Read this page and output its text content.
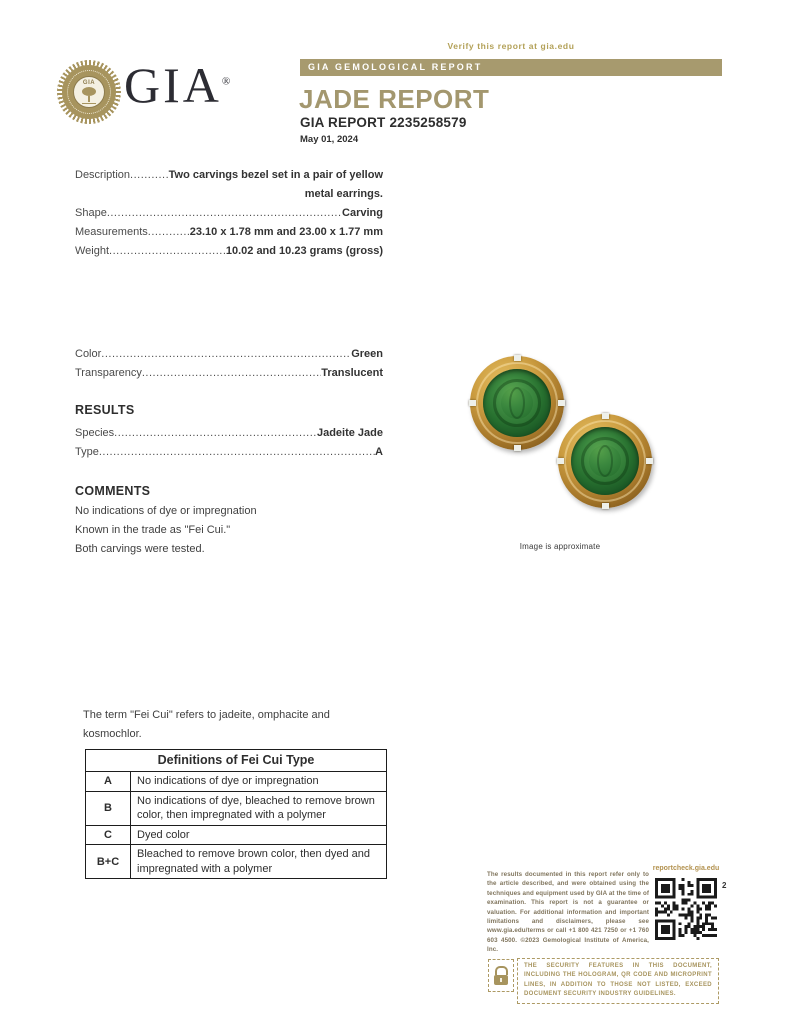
GIA GIA®
Verify this report at gia.edu
GIA GEMOLOGICAL REPORT
JADE REPORT
GIA REPORT 2235258579
May 01, 2024
Description .....	Two carvings bezel set in a pair of yellow
metal earrings.
Shape .....	Carving
Measurements .....	23.10 x 1.78 mm and 23.00 x 1.77 mm
Weight .....	10.02 and 10.23 grams (gross)
Color .....	Green
Transparency .....	Translucent
RESULTS
Species .....	Jadeite Jade
Type .....	A
COMMENTS
No indications of dye or impregnation
Known in the trade as "Fei Cui."
Both carvings were tested.	Image is approximate
The term "Fei Cui" refers to jadeite, omphacite and kosmochlor.
Definitions of Fei Cui Type	
A	No indications of dye or impregnation
B	No indications of dye, bleached to remove brown color, then impregnated with a polymer
C	Dyed color
B+C	Bleached to remove brown color, then dyed and impregnated with a polymer	The results documented in this report refer only to the article described, and were obtained using the techniques and equipment used by GIA at the time of examination. This report is not a guarantee or valuation. For additional information and important limitations and disclaimers, please see www.gia.edu/terms or call +1 800 421 7250 or +1 760 603 4500. ©2023 Gemological Institute of America, Inc.
reportcheck.gia.edu
2
THE SECURITY FEATURES IN THIS DOCUMENT, INCLUDING THE HOLOGRAM, QR CODE AND MICROPRINT LINES, IN ADDITION TO THOSE NOT LISTED, EXCEED DOCUMENT SECURITY INDUSTRY GUIDELINES.
